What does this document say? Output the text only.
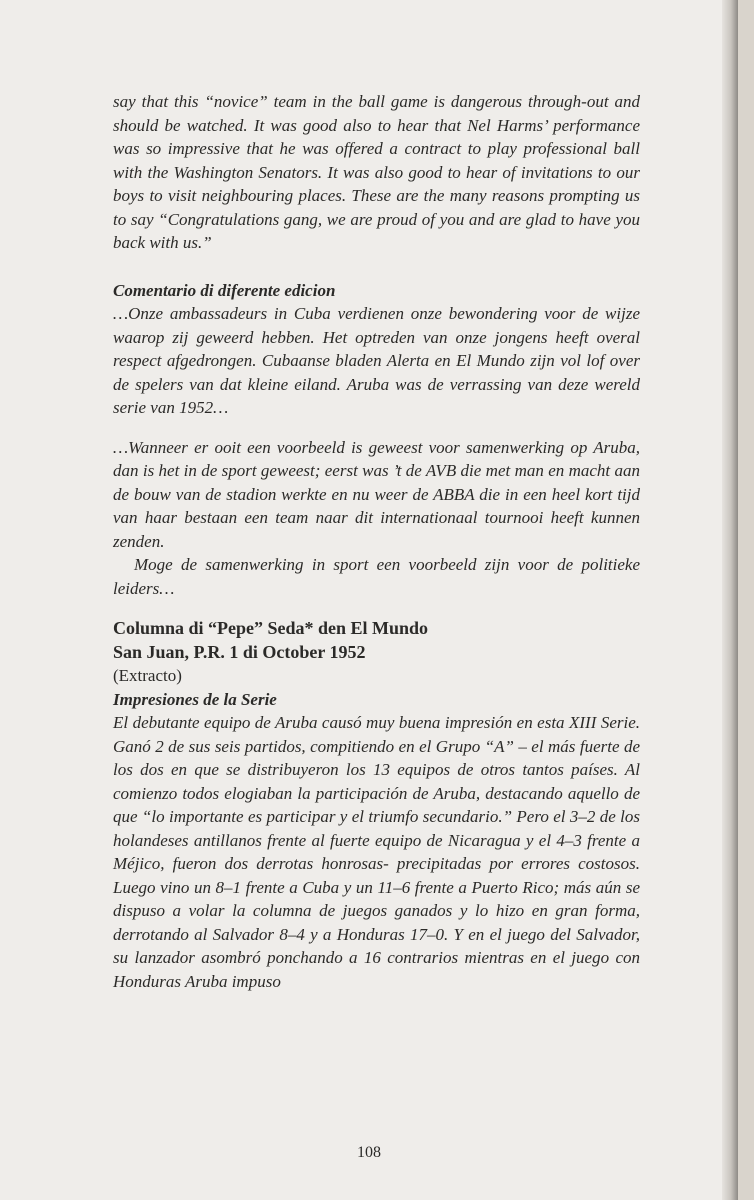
say that this “novice” team in the ball game is dangerous through-out and should be watched. It was good also to hear that Nel Harms’ performance was so impressive that he was offered a contract to play professional ball with the Washington Senators. It was also good to hear of invitations to our boys to visit neighbouring places. These are the many reasons prompting us to say “Congratulations gang, we are proud of you and are glad to have you back with us.”

Comentario di diferente edicion

…Onze ambassadeurs in Cuba verdienen onze bewondering voor de wijze waarop zij geweerd hebben. Het optreden van onze jongens heeft overal respect afgedrongen. Cubaanse bladen Alerta en El Mundo zijn vol lof over de spelers van dat kleine eiland. Aruba was de verrassing van deze wereld serie van 1952…

…Wanneer er ooit een voorbeeld is geweest voor samenwerking op Aruba, dan is het in de sport geweest; eerst was ’t de AVB die met man en macht aan de bouw van de stadion werkte en nu weer de ABBA die in een heel kort tijd van haar bestaan een team naar dit internationaal tournooi heeft kunnen zenden.

Moge de samenwerking in sport een voorbeeld zijn voor de politieke leiders…

Columna di “Pepe” Seda* den El Mundo

San Juan, P.R. 1 di October 1952

(Extracto)

Impresiones de la Serie

El debutante equipo de Aruba causó muy buena impresión en esta XIII Serie. Ganó 2 de sus seis partidos, compitiendo en el Grupo “A” – el más fuerte de los dos en que se distribuyeron los 13 equipos de otros tantos países. Al comienzo todos elogiaban la participación de Aruba, destacando aquello de que “lo importante es participar y el triumfo secundario.” Pero el 3–2 de los holandeses antillanos frente al fuerte equipo de Nicaragua y el 4–3 frente a Méjico, fueron dos derrotas honrosas- precipitadas por errores costosos. Luego vino un 8–1 frente a Cuba y un 11–6 frente a Puerto Rico; más aún se dispuso a volar la columna de juegos ganados y lo hizo en gran forma, derrotando al Salvador 8–4 y a Honduras 17–0. Y en el juego del Salvador, su lanzador asombró ponchando a 16 contrarios mientras en el juego con Honduras Aruba impuso

108
